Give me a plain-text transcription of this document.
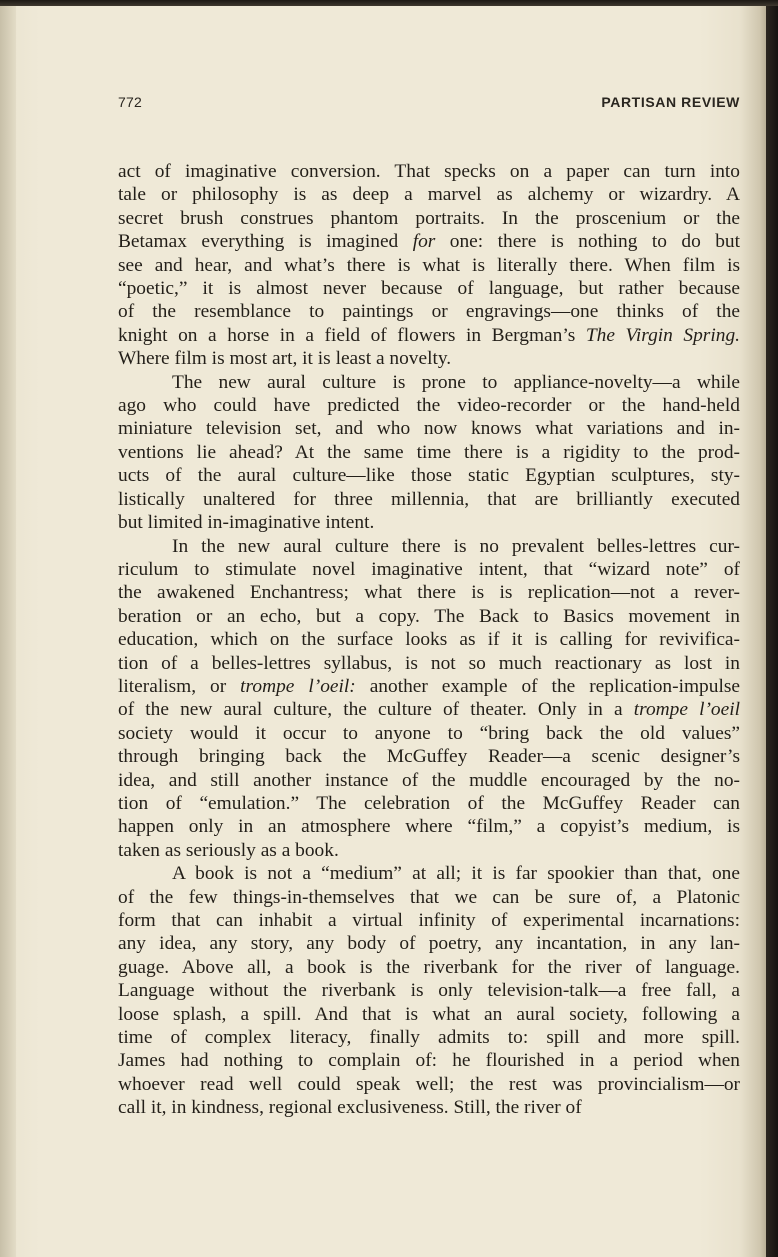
772	PARTISAN REVIEW
act of imaginative conversion. That specks on a paper can turn into
tale or philosophy is as deep a marvel as alchemy or wizardry. A
secret brush construes phantom portraits. In the proscenium or the
Betamax everything is imagined for one: there is nothing to do but
see and hear, and what’s there is what is literally there. When film is
“poetic,” it is almost never because of language, but rather because
of the resemblance to paintings or engravings—one thinks of the
knight on a horse in a field of flowers in Bergman’s The Virgin Spring.
Where film is most art, it is least a novelty.
The new aural culture is prone to appliance-novelty—a while
ago who could have predicted the video-recorder or the hand-held
miniature television set, and who now knows what variations and in-
ventions lie ahead? At the same time there is a rigidity to the prod-
ucts of the aural culture—like those static Egyptian sculptures, sty-
listically unaltered for three millennia, that are brilliantly executed
but limited in-imaginative intent.
In the new aural culture there is no prevalent belles-lettres cur-
riculum to stimulate novel imaginative intent, that “wizard note” of
the awakened Enchantress; what there is is replication—not a rever-
beration or an echo, but a copy. The Back to Basics movement in
education, which on the surface looks as if it is calling for revivifica-
tion of a belles-lettres syllabus, is not so much reactionary as lost in
literalism, or trompe l’oeil: another example of the replication-impulse
of the new aural culture, the culture of theater. Only in a trompe l’oeil
society would it occur to anyone to “bring back the old values”
through bringing back the McGuffey Reader—a scenic designer’s
idea, and still another instance of the muddle encouraged by the no-
tion of “emulation.” The celebration of the McGuffey Reader can
happen only in an atmosphere where “film,” a copyist’s medium, is
taken as seriously as a book.
A book is not a “medium” at all; it is far spookier than that, one
of the few things-in-themselves that we can be sure of, a Platonic
form that can inhabit a virtual infinity of experimental incarnations:
any idea, any story, any body of poetry, any incantation, in any lan-
guage. Above all, a book is the riverbank for the river of language.
Language without the riverbank is only television-talk—a free fall, a
loose splash, a spill. And that is what an aural society, following a
time of complex literacy, finally admits to: spill and more spill.
James had nothing to complain of: he flourished in a period when
whoever read well could speak well; the rest was provincialism—or
call it, in kindness, regional exclusiveness. Still, the river of
